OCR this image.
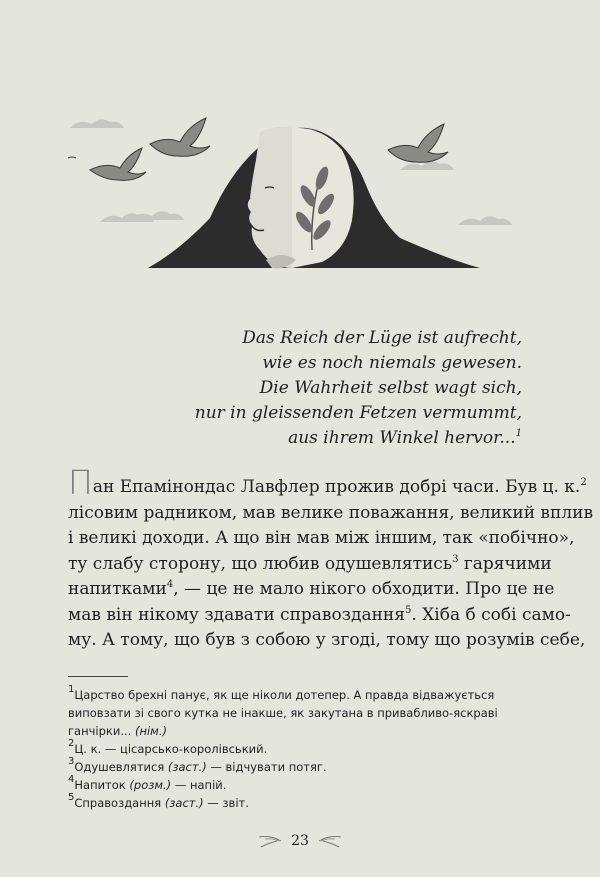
Das Reich der Lüge ist aufrecht,
wie es noch niemals gewesen.
Die Wahrheit selbst wagt sich,
nur in gleissenden Fetzen vermummt,
aus ihrem Winkel hervor...$^1$
Пан Епамінондас Лавфлер прожив добрі часи. Був ц. к.$^2$
лісовим радником, мав велике поважання, великий вплив
і великі доходи. А що він мав між іншим, так «побічно»,
ту слабу сторону, що любив одушевлятись$^3$ гарячими
напитками$^4$, — це не мало нікого обходити. Про це не
мав він нікому здавати справоздання$^5$. Хіба б собі само-
му. А тому, що був з собою у згоді, тому що розумів себе,
$^1$Царство брехні панує, як ще ніколи дотепер. А правда відважується
виповзати зі свого кутка не інакше, як закутана в привабливо-яскраві
ганчірки... (нім.)
$^2$Ц. к. — цісарсько-королівський.
$^3$Одушевлятися (заст.) — відчувати потяг.
$^4$Напиток (розм.) — напій.
$^5$Справоздання (заст.) — звіт.
23
